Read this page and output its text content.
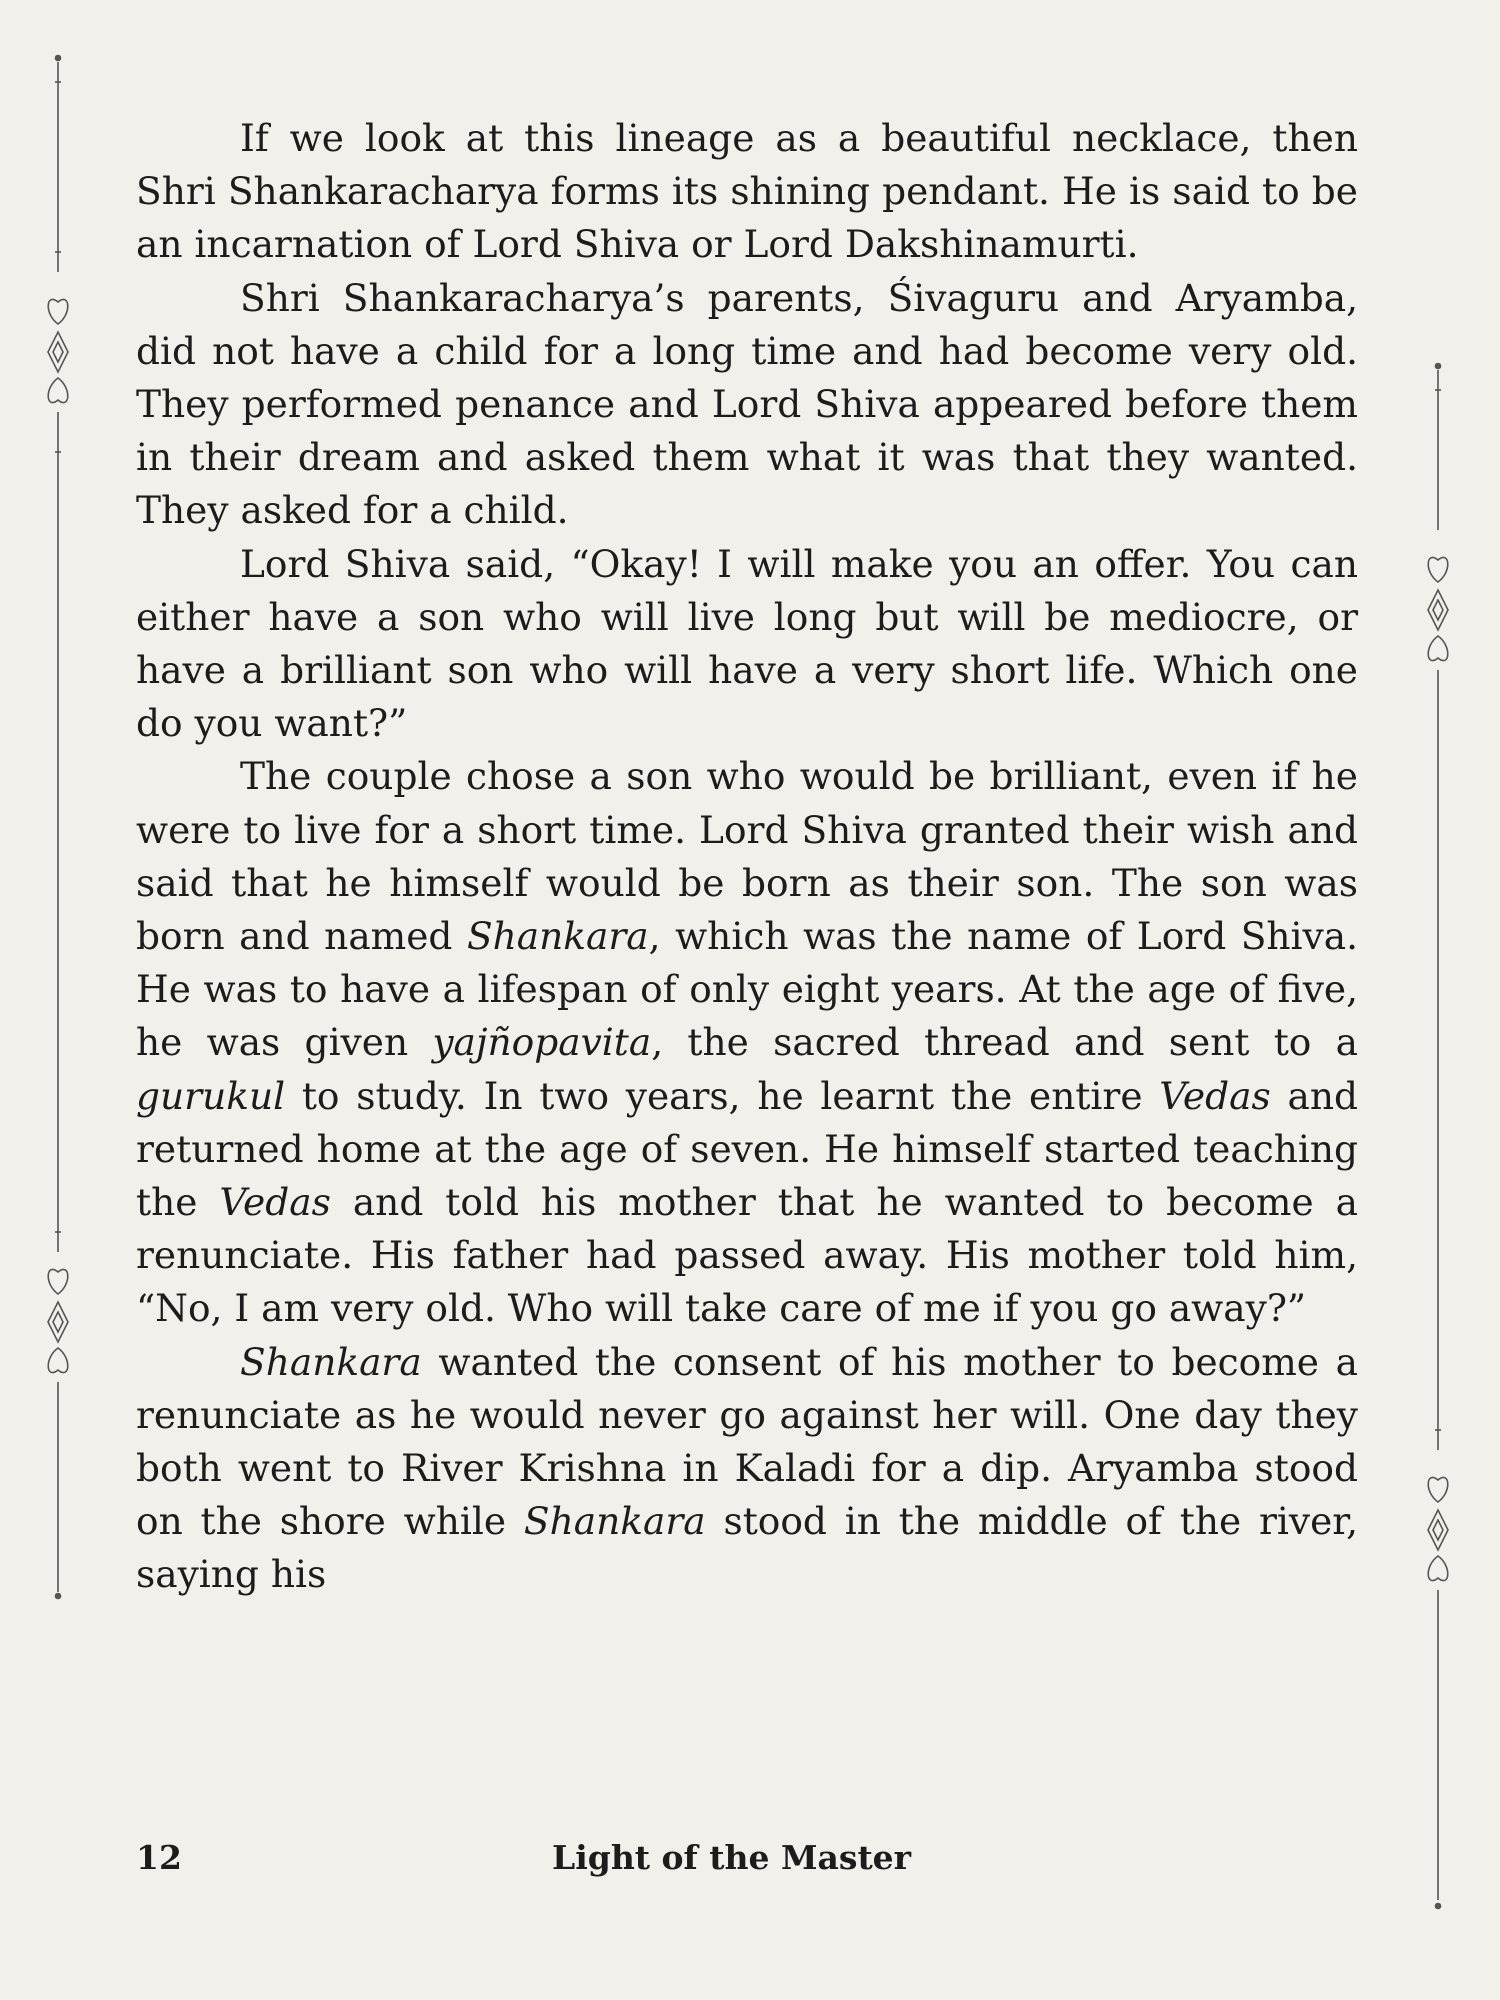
If we look at this lineage as a beautiful necklace, then Shri Shankaracharya forms its shining pendant. He is said to be an incarnation of Lord Shiva or Lord Dakshinamurti.

Shri Shankaracharya’s parents, Śivaguru and Aryamba, did not have a child for a long time and had become very old. They performed penance and Lord Shiva appeared before them in their dream and asked them what it was that they wanted. They asked for a child.

Lord Shiva said, “Okay! I will make you an offer. You can either have a son who will live long but will be mediocre, or have a brilliant son who will have a very short life. Which one do you want?”

The couple chose a son who would be brilliant, even if he were to live for a short time. Lord Shiva granted their wish and said that he himself would be born as their son. The son was born and named Shankara, which was the name of Lord Shiva. He was to have a lifespan of only eight years. At the age of five, he was given yajñopavita, the sacred thread and sent to a gurukul to study. In two years, he learnt the entire Vedas and returned home at the age of seven. He himself started teaching the Vedas and told his mother that he wanted to become a renunciate. His father had passed away. His mother told him, “No, I am very old. Who will take care of me if you go away?”

Shankara wanted the consent of his mother to become a renunciate as he would never go against her will. One day they both went to River Krishna in Kaladi for a dip. Aryamba stood on the shore while Shankara stood in the middle of the river, saying his

12	Light of the Master
